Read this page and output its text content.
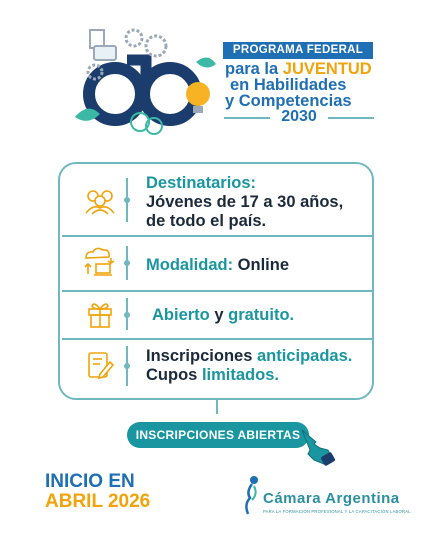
PROGRAMA FEDERAL
para la JUVENTUD
en Habilidades
y Competencias
2030
Destinatarios:
Jóvenes de 17 a 30 años,
de todo el país.
Modalidad: Online
Abierto y gratuito.
Inscripciones anticipadas.
Cupos limitados.
INSCRIPCIONES ABIERTAS
INICIO EN
ABRIL 2026	Cámara Argentina
PARA LA FORMACIÓN PROFESIONAL Y LA CAPACITACIÓN LABORAL
